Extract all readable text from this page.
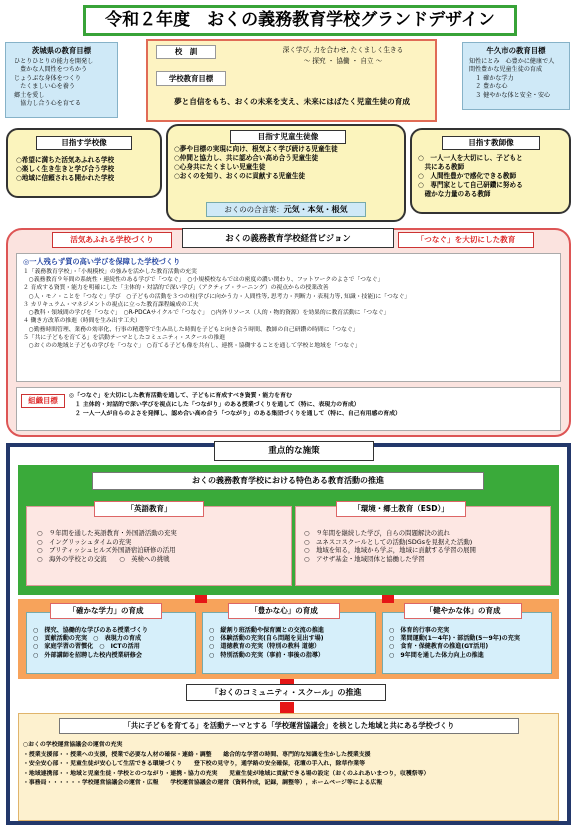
令和２年度　おくの義務教育学校グランドデザイン
茨城県の教育目標
ひとりひとりの能力を開発し
　豊かな人間性をつちかう
じょうぶな身体をつくり
　たくましい心を養う
郷土を愛し
　協力し合う心を育てる
牛久市の教育目標
知性にとみ　心豊かに健康で人
間性豊かな児童生徒の育成
　１ 確かな学力
　２ 豊かな心
　３ 健やかな体と安全・安心
校　訓	深く学び, 力を合わせ, たくましく生きる
～ 探究 ・ 協働 ・ 自立 ～
学校教育目標
夢と自信をもち、おくの未来を支え、未来にはばたく児童生徒の育成
目指す学校像
○希望に満ちた活気あふれる学校
○楽しく生き生きと学び合う学校
○地域に信頼される開かれた学校
目指す児童生徒像
○夢や目標の実現に向け、根気よく学び続ける児童生徒
○仲間と協力し、共に認め合い高め合う児童生徒
○心身共にたくましい児童生徒
○おくのを知り、おくのに貢献する児童生徒
おくのの合言葉：元気・本気・根気
目指す教師像
○　一人一人を大切にし、子どもと
　共にある教師
○　人間性豊かで感化できる教師
○　専門家として自己研鑽に努める
　確かな力量のある教師
活気あふれる学校づくり	おくの義務教育学校経営ビジョン	「つなぐ」を大切にした教育
◎一人残らず質の高い学びを保障した学校づくり
１「義務教育学校」・「小規模校」の強みを活かした教育活動の充実
　○義務教育９年間の系統性・連続性のある学びで「つなぐ」　○小規模校ならではの密度の濃い関わり、フットワークのよさで「つなぐ」
２ 育成する資質・能力を明確にした「主体的・対話的で深い学び」（アクティブ・ラーニング）の視点からの授業改善
　○人・モノ・ことを「つなぐ」学び　○子どもの活動を３つの柱(学びに向かう力・人間性等, 思考力・判断力・表現力等, 知識・技能)に「つなぐ」
３ カリキュラム・マネジメントの視点に立った教育課程編成の工夫
　○教科・領域間の学びを「つなぐ」　○R-PDCAサイクルで「つなぐ」　○内外リソース（人的・物的資源）を効果的に教育活動に「つなぐ」
４ 働き方改革の推進（時間を生み出す工夫）
　○勤務時間管理、業務の効率化、行事の精選等で生み出した時間を子どもと向き合う時間、教師の自己研鑽の時間に「つなぐ」
５「共に子どもを育てる」を活動テーマとしたコミュニティ・スクールの推進
　○おくのの地域と子どもの学びを「つなぐ」　○育てる子ども像を共有し、連携・協働することを通して学校と地域を「つなぐ」
組織目標	◎「つなぐ」を大切にした教育活動を通して、子どもに育成すべき資質・能力を育む
　１ 主体的・対話的で深い学びを視点にした「つながり」のある授業づくりを通して（特に、表現力の育成）
　２ 一人一人が自らのよさを発揮し、認め合い高め合う「つながり」のある集団づくりを通して（特に、自己有用感の育成）
重点的な施策
おくの義務教育学校における特色ある教育活動の推進
○　９年間を通した英語教育・外国語活動の充実
○　イングリッシュタイムの充実
○　ブリティッシュヒルズ外国語宿泊研修の活用
○　海外の学校との交流　　○　英検への挑戦
「英語教育」
○　９年間を継続した学び，自らの問題解決の流れ
○　ユネスコスクールとしての活動(SDGsを見据えた活動)
○　地域を知る，地域から学ぶ，地域に貢献する学習の展開
○　アサザ基金・地域団体と協働した学習
「環境・郷土教育（ESD）」
○　探究、協働的な学びのある授業づくり
○　貢献活動の充実　○　表現力の育成
○　家庭学習の習慣化　○　ICTの活用
○　外部講師を招聘した校内授業研修会
「確かな学力」の育成
○　縦割り班活動や保育園との交流の推進
○　体験活動の充実(自ら問題を見出す場)
○　道徳教育の充実（特別の教科 道徳）
○　特別活動の充実（事前・事後の指導）
「豊かな心」の育成
○　体育的行事の充実
○　業間運動(1～4年)・部活動(5～9年)の充実
○　食育・保健教育の推進(GT活用)
○　9年間を通した体力向上の推進
「健やかな体」の育成
「おくのコミュニティ・スクール」の推進
「共に子どもを育てる」を活動テーマとする「学校運営協議会」を核とした地域と共にある学校づくり
○おくの学校運営協議会の運営の充実
・授業支援部・・授業への支援，授業で必要な人材の確保・連絡・調整　　総合的な学習の時間、専門的な知識を生かした授業支援
・安全安心部・・児童生徒が安心して生活できる環境づくり　　登下校の見守り，通学路の安全確保，花壇の手入れ，除草作業等
・地域連携部・・地域と児童生徒・学校とのつながり・連携・協力の充実　　児童生徒が地域に貢献できる場の設定（おくのふれあいまつり，収穫祭等）
・事務局・・・・・・学校運営協議会の運営・広報　　学校運営協議会の運営（資料作成，記録，調整等），ホームページ等による広報
